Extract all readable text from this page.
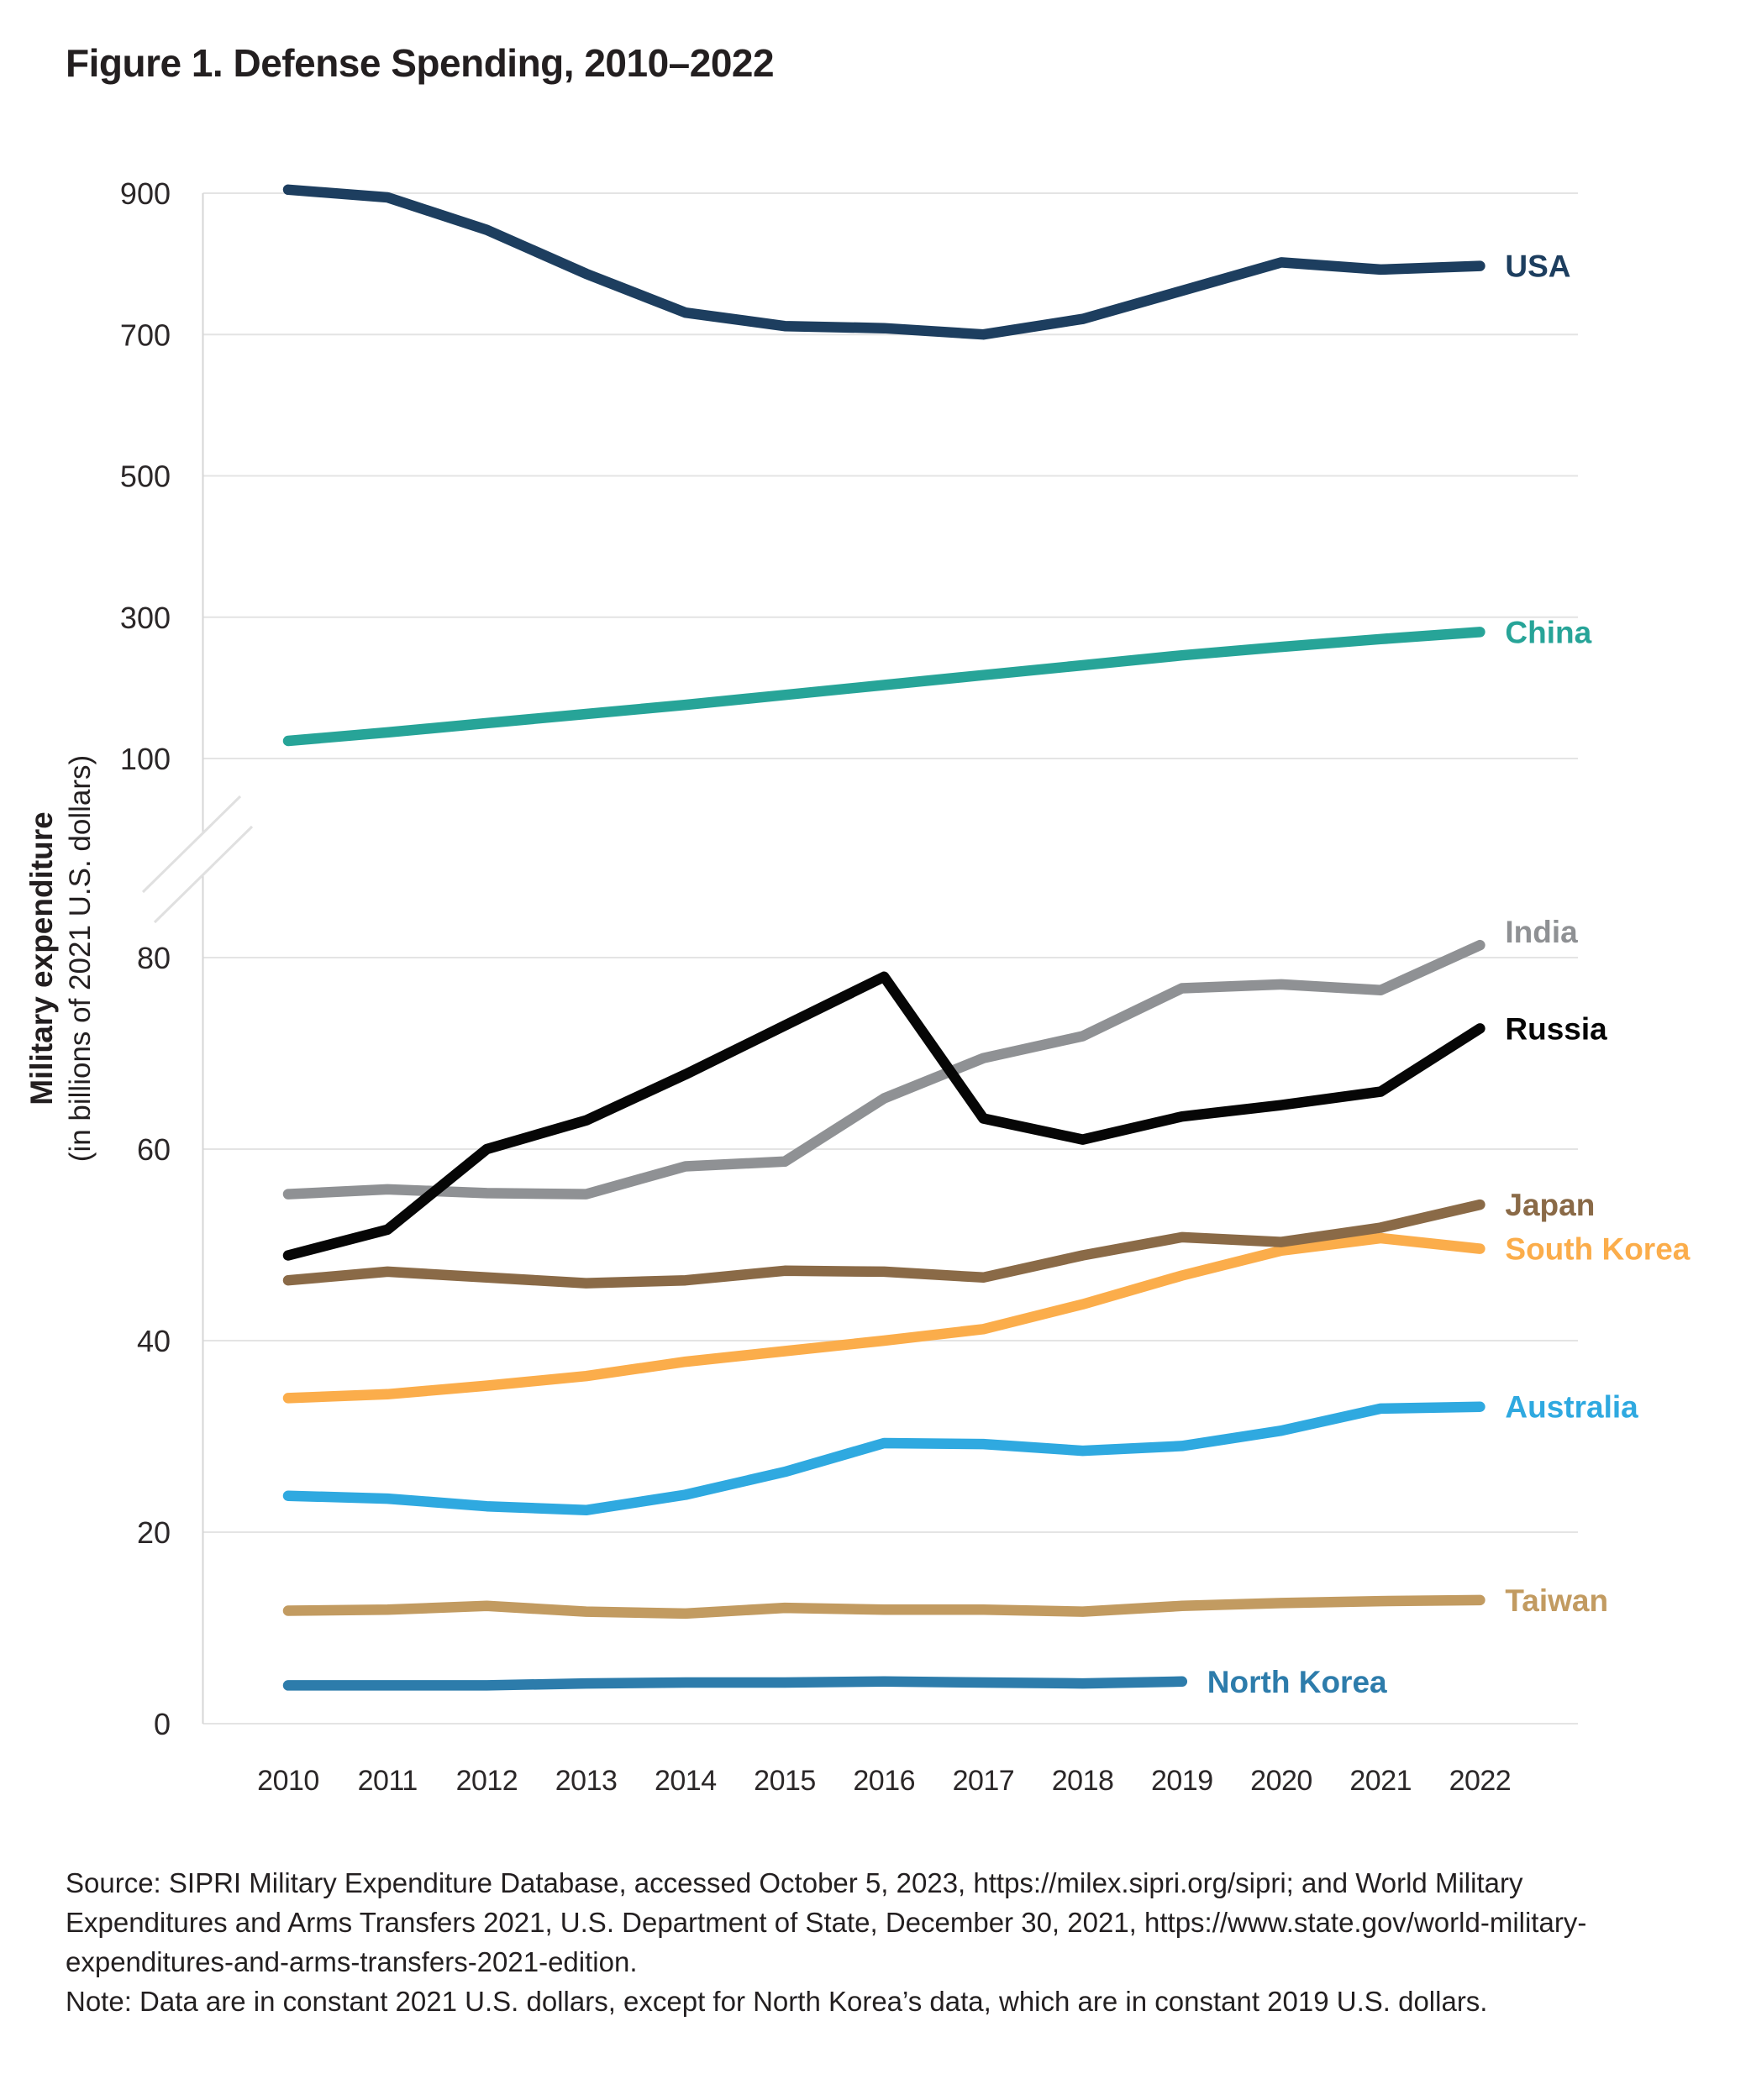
Figure 1. Defense Spending, 2010–2022
900
700
500
300
100
80
60
40
20
0
2010 2011 2012 2013 2014 2015 2016 2017 2018 2019 2020 2021 2022
Military expenditure (in billions of 2021 U.S. dollars)
USA
China
India
Russia
South Korea
Japan
Australia
Taiwan
North Korea
Source: SIPRI Military Expenditure Database, accessed October 5, 2023, https://milex.sipri.org/sipri; and World Military
Expenditures and Arms Transfers 2021, U.S. Department of State, December 30, 2021, https://www.state.gov/world-military-
expenditures-and-arms-transfers-2021-edition.
Note: Data are in constant 2021 U.S. dollars, except for North Korea’s data, which are in constant 2019 U.S. dollars.
